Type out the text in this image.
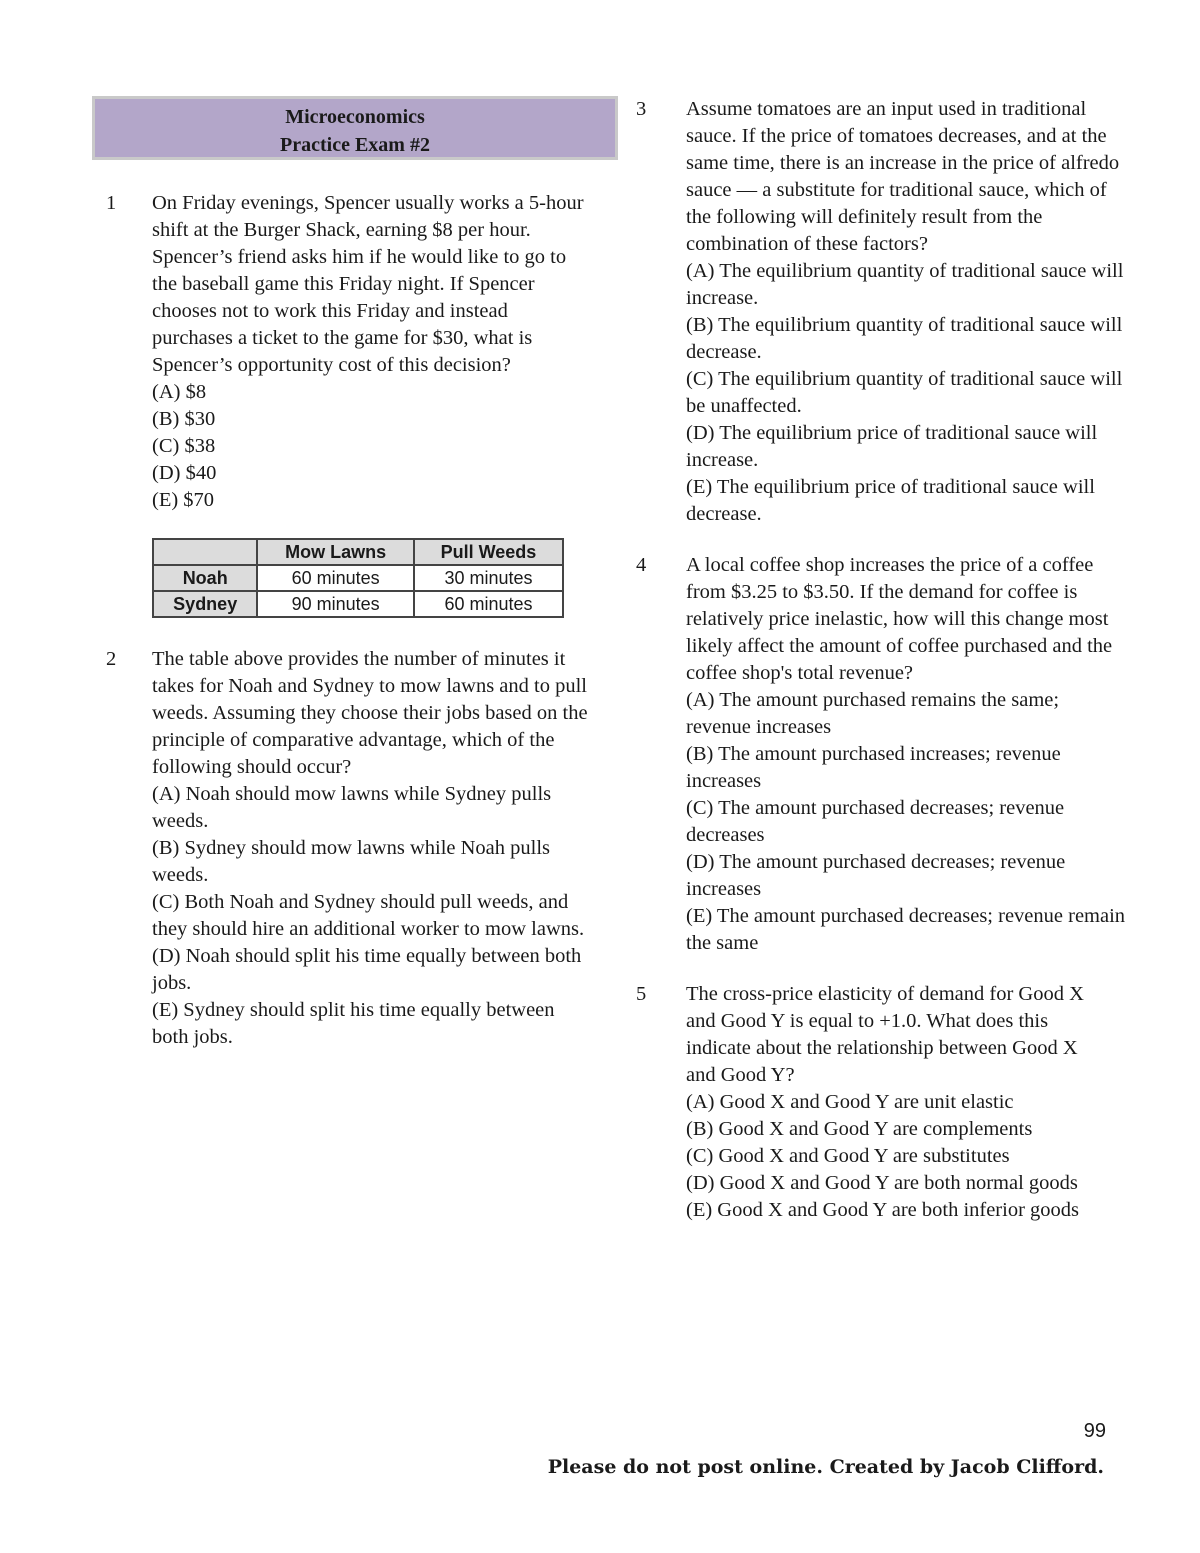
Microeconomics
Practice Exam #2
1 On Friday evenings, Spencer usually works a 5-hour shift at the Burger Shack, earning $8 per hour. Spencer’s friend asks him if he would like to go to the baseball game this Friday night. If Spencer chooses not to work this Friday and instead purchases a ticket to the game for $30, what is Spencer’s opportunity cost of this decision?
(A) $8
(B) $30
(C) $38
(D) $40
(E) $70
	Mow Lawns	Pull Weeds
Noah	60 minutes	30 minutes
Sydney	90 minutes	60 minutes
2 The table above provides the number of minutes it takes for Noah and Sydney to mow lawns and to pull weeds. Assuming they choose their jobs based on the principle of comparative advantage, which of the following should occur?
(A) Noah should mow lawns while Sydney pulls weeds.
(B) Sydney should mow lawns while Noah pulls weeds.
(C) Both Noah and Sydney should pull weeds, and they should hire an additional worker to mow lawns.
(D) Noah should split his time equally between both jobs.
(E) Sydney should split his time equally between both jobs.
3 Assume tomatoes are an input used in traditional sauce. If the price of tomatoes decreases, and at the same time, there is an increase in the price of alfredo sauce — a substitute for traditional sauce, which of the following will definitely result from the combination of these factors?
(A) The equilibrium quantity of traditional sauce will increase.
(B) The equilibrium quantity of traditional sauce will decrease.
(C) The equilibrium quantity of traditional sauce will be unaffected.
(D) The equilibrium price of traditional sauce will increase.
(E) The equilibrium price of traditional sauce will decrease.
4 A local coffee shop increases the price of a coffee from $3.25 to $3.50. If the demand for coffee is relatively price inelastic, how will this change most likely affect the amount of coffee purchased and the coffee shop's total revenue?
(A) The amount purchased remains the same; revenue increases
(B) The amount purchased increases; revenue increases
(C) The amount purchased decreases; revenue decreases
(D) The amount purchased decreases; revenue increases
(E) The amount purchased decreases; revenue remain the same
5 The cross-price elasticity of demand for Good X and Good Y is equal to +1.0. What does this indicate about the relationship between Good X and Good Y?
(A) Good X and Good Y are unit elastic
(B) Good X and Good Y are complements
(C) Good X and Good Y are substitutes
(D) Good X and Good Y are both normal goods
(E) Good X and Good Y are both inferior goods
99
Please do not post online. Created by Jacob Clifford.
